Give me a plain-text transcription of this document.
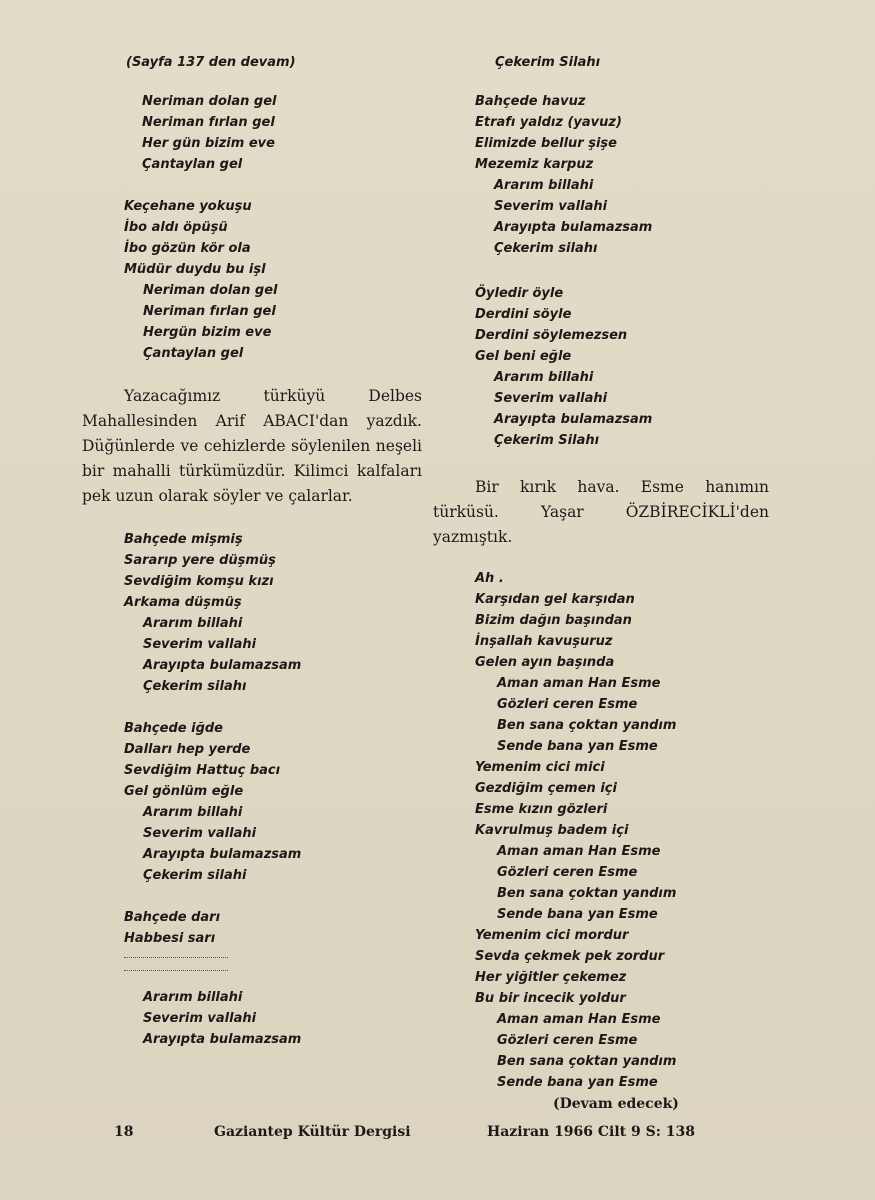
(Sayfa 137 den devam)
Neriman dolan gel
Neriman fırlan gel
Her gün bizim eve
Çantaylan gel
Keçehane yokuşu
İbo aldı öpüşü
İbo gözün kör ola
Müdür duydu bu işl
Neriman dolan gel
Neriman fırlan gel
Hergün bizim eve
Çantaylan gel

Yazacağımız türküyü Delbes Mahallesinden Arif ABACI'dan yazdık. Düğünlerde ve cehizlerde söylenilen neşeli bir mahalli türkümüzdür. Kilimci kalfaları pek uzun olarak söyler ve çalarlar.

Bahçede mişmiş
Sararıp yere düşmüş
Sevdiğim komşu kızı
Arkama düşmüş
Ararım billahi
Severim vallahi
Arayıpta bulamazsam
Çekerim silahı
Bahçede iğde
Dalları hep yerde
Sevdiğim Hattuç bacı
Gel gönlüm eğle
Ararım billahi
Severim vallahi
Arayıpta bulamazsam
Çekerim silahi
Bahçede darı
Habbesi sarı
Ararım billahi
Severim vallahi
Arayıpta bulamazsam
Çekerim Silahı
Bahçede havuz
Etrafı yaldız (yavuz)
Elimizde bellur şişe
Mezemiz karpuz
Ararım billahi
Severim vallahi
Arayıpta bulamazsam
Çekerim silahı
Öyledir öyle
Derdini söyle
Derdini söylemezsen
Gel beni eğle
Ararım billahi
Severim vallahi
Arayıpta bulamazsam
Çekerim Silahı

Bir kırık hava. Esme hanımın türküsü. Yaşar ÖZBİRECİKLİ'den yazmıştık.

Ah .
Karşıdan gel karşıdan
Bizim dağın başından
İnşallah kavuşuruz
Gelen ayın başında
Aman aman Han Esme
Gözleri ceren Esme
Ben sana çoktan yandım
Sende bana yan Esme
Yemenim cici mici
Gezdiğim çemen içi
Esme kızın gözleri
Kavrulmuş badem içi
Aman aman Han Esme
Gözleri ceren Esme
Ben sana çoktan yandım
Sende bana yan Esme
Yemenim cici mordur
Sevda çekmek pek zordur
Her yiğitler çekemez
Bu bir incecik yoldur
Aman aman Han Esme
Gözleri ceren Esme
Ben sana çoktan yandım
Sende bana yan Esme
(Devam edecek)
18	Gaziantep Kültür Dergisi	Haziran 1966 Cilt 9 S: 138
